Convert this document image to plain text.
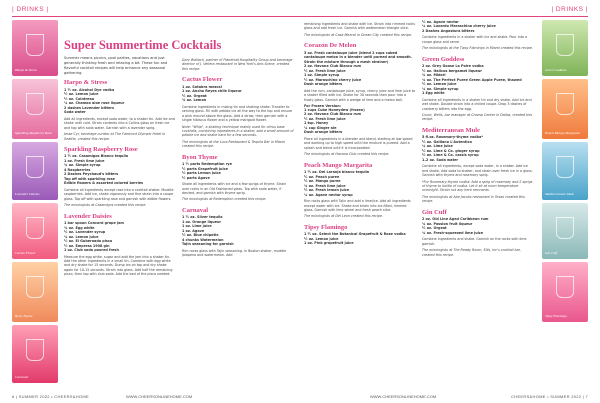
| DRINKS |
Harpo & Stress
Sparkling Raspberry Rose
Lavender Daisies
Cactus Flower
Byon Thyme
Carnaval
Super Summertime Cocktails
Summer means picnics, pool parties, vacations and just generally thinking fresh and relaxing a bit. These fun and flavorful cocktail recipes will help enhance any seasonal gathering.
Harpo & Stress
1 ½ oz. Alcohol Dye vodka
½ oz. Lemon juice
½ oz. Cointreau
¼ oz. Chamoo aloe rose liqueur
2 dashes Lavender bitters
Soda water
Add all ingredients, except soda water, to a shaker tin. Add ice and shake until cold. Strain contents into a Collins glass on fresh ice and top with soda water. Garnish with a lavender sprig.
Jesse Cyr, beverage curator at The Fairmont Olympic Hotel in Seattle, created this recipe.
Sparkling Raspberry Rose
1 ½ oz. Casamigos Blanco tequila
1 oz. Fresh lime juice
¾ oz. Simple syrup
4 Raspberries
2 Dashes Peychaud's bitters
Top off with sparkling rose
Edible flowers & assorted colored berries
Combine all ingredients except rose into a cocktail shaker. Muddle raspberries. Add ice, shake vigorously and fine strain into a coupe glass. Top off with sparkling rose and garnish with edible flowers.
The mixologists at Casamigos created this recipe.
Lavender Daisies
1 bar spoon Concord grape jam
¾ oz. Egg white
½ oz. Lavender syrup
¾ oz. Lemon juice
½ oz. El Guberoado pisco
½ oz. Empress 1908 gin
1 oz. Club soda poured fresh
Measure the egg white, sugar and add the jam into a shaker tin. Add the other ingredients in a small tin. Combine with egg white and dry shake for 15 seconds. Dump ice on top and dry shake again for 10-15 seconds. Strain into glass. Add half the remaining pisco, then top with club soda. Add the bed of the pisco needed.
Gary Wallach, partner of Planetoid Hospitality Group and beverage director of J. Vellera restaurant in New York's Arts Scene, created this recipe.
Cactus Flower
1 oz. Sotobra mezcal
1 oz. Ancho Reyes chile liqueur
½ oz. Orgeat
¾ oz. Lemon
Combine ingredients in mixing tin and shaking shake. Transfer to serving glass. Fill with pebble ice all the way to the top and ensure a pink mound above the glass. Add a straw, then garnish with a single hibiscus flower and a yellow marigold flower.
Note: "Whip", a shaking technique mainly used for citrus base cocktails, combining ingredients in a shaker, add a small amount of pebble ice and shake hard for a few seconds.
The mixologists at the Loca Restaurant & Tequila Bar in Miami created this recipe.
Byon Thyme
1 ½ parts Redemption rye
½ parts Grapefruit juice
½ parts Lemon juice
½ parts Agave
Shake all ingredients with ice and a few sprigs of thyme. Strain over rocks in an Old Fashioned glass. Top with soda water, if desired, and garnish with thyme sprig.
The mixologists at Redemption created this recipe.
Carnaval
1 ½ oz. Silver tequila
1 oz. Orange liqueur
1 oz. Lime juice
1 oz. Agave
½ oz. Blue chipotle
4 chunks Watermelon
Tajin seasoning for garnish
Rim rocks glass with Tajin seasoning. In Boston shaker, muddle jalapeno and watermelon. Add
6 | SUMMER 2022 • CHEERS&HOME	WWW.CHEERSONLINEHOME.COM
| DRINKS |
remaining ingredients and shake with ice. Strain into rimmed rocks glass and add fresh ice. Garnish with watermelon triangle slice.
The mixologists at Casa Mezcal in Ocean City created this recipe.
Corazon De Melon
3 oz. Fresh cantaloupe juice (blend 2 cups cubed cantaloupe melon in a blender until pureed and smooth. Strain the mixture through a mesh strainer)
2 oz. Havana Club Blanco rum
½ oz. Fresh lime juice
1 oz. Simple syrup
½ oz. Maraschino cherry juice
Dash orange bitters
Add the rum, cantaloupe juice, syrup, cherry juice and lime juice to a shaker filled with ice. Shake for 30 seconds then pour into a frosty glass. Garnish with a wedge of lime and a melon ball.
For Frozen Version:
1 cups Cube Honeydew (frozen)
2 oz. Havana Club Blanco rum
½ oz. Fresh lime juice
1 tsp. Honey
¼ cup Ginger ale
Dash orange bitters
Place all ingredients in a blender and blend, starting at low speed and working up to high speed until the mixture is pureed. Add a splash and blend until it is incorporated.
The mixologists at Havana Club created this recipe.
Peach Mango Margarita
1 ½ oz. Del Laranja blanco tequila
½ oz. Peach puree
½ oz. Mango puree
¾ oz. Fresh lime juice
½ oz. Fresh lemon juice
¼ oz. Agave nectar syrup
Rim rocks glass with Tajin and add a lime/ice. Add all ingredients except water with ice. Shake and strain into ice-filled, rimmed glass. Garnish with lime wheel and fresh peach slice.
The mixologists at Del Leon created this recipe.
Tipsy Flamingo
1 ½ oz. Select the Botanical Grapefruit & Rose vodka
½ oz. Lemon juice
1 oz. Pink grapefruit juice
½ oz. Agave nectar
¼ oz. Luxardo Maraschino cherry juice
2 Dashes Angostura bitters
Combine ingredients in a shaker with ice and shake. Pour into a coupe glass and serve.
The mixologists at the Tipsy Flamingo in Miami created this recipe.
Green Goddess
2 oz. Grey Goose La Poire vodka
½ oz. Italicus bergamot liqueur
¾ oz. Midori
¾ oz. The Perfect Puree Green Apple Puree, thawed
½ oz. Lemon juice
¼ oz. Simple syrup
1 Egg white
Combine all ingredients in a shaker tin and dry shake. Add ice and wet shake. Double strain into a chilled coupe. Drop 3 dashes of cranberry bitters into the egg.
Conor, Wells, bar manager at Champ Center in Dallas, created this recipe.
Mediterranean Mule
5 fl.oz. Rosemary-thyme vodka*
½ oz. Galliano L'Autentico
¼ oz. Lime juice
½ oz. Lime & Co. ginger syrup
½ oz. Lime & Co. cassis syrup
1–2 oz. Soda water
Combine all ingredients, except soda water, in a shaker. Add ice and shake. Add soda to shaker, and strain over fresh ice in a glass. Garnish with thyme and rosemary sprig.
*For Rosemary-thyme vodka: Add a sprig of rosemary and 2 sprigs of thyme to bottle of vodka. Let it sit at room temperature overnight. Strain out any herb remnants.
The mixologists at Abe Jacobs restaurant in Texas created this recipe.
Gin Cuff
2 oz. Old Line Aged Caribbean rum
¾ oz. Passion fruit liqueur
½ oz. Orgeat
¾ oz. Fresh-squeezed lime juice
Combine ingredients and shake. Garnish on the rocks with lime garnish.
The mixologists at The Ready Room, Ellis, Inc's cocktail bar, created this recipe.
Green Goddess
Peach Mango Margarita
Mediterranean Mule
Gin Cuff
Tipsy Flamingo
WWW.CHEERSONLINEHOME.COM	CHEERS&HOME • SUMMER 2022 | 7
